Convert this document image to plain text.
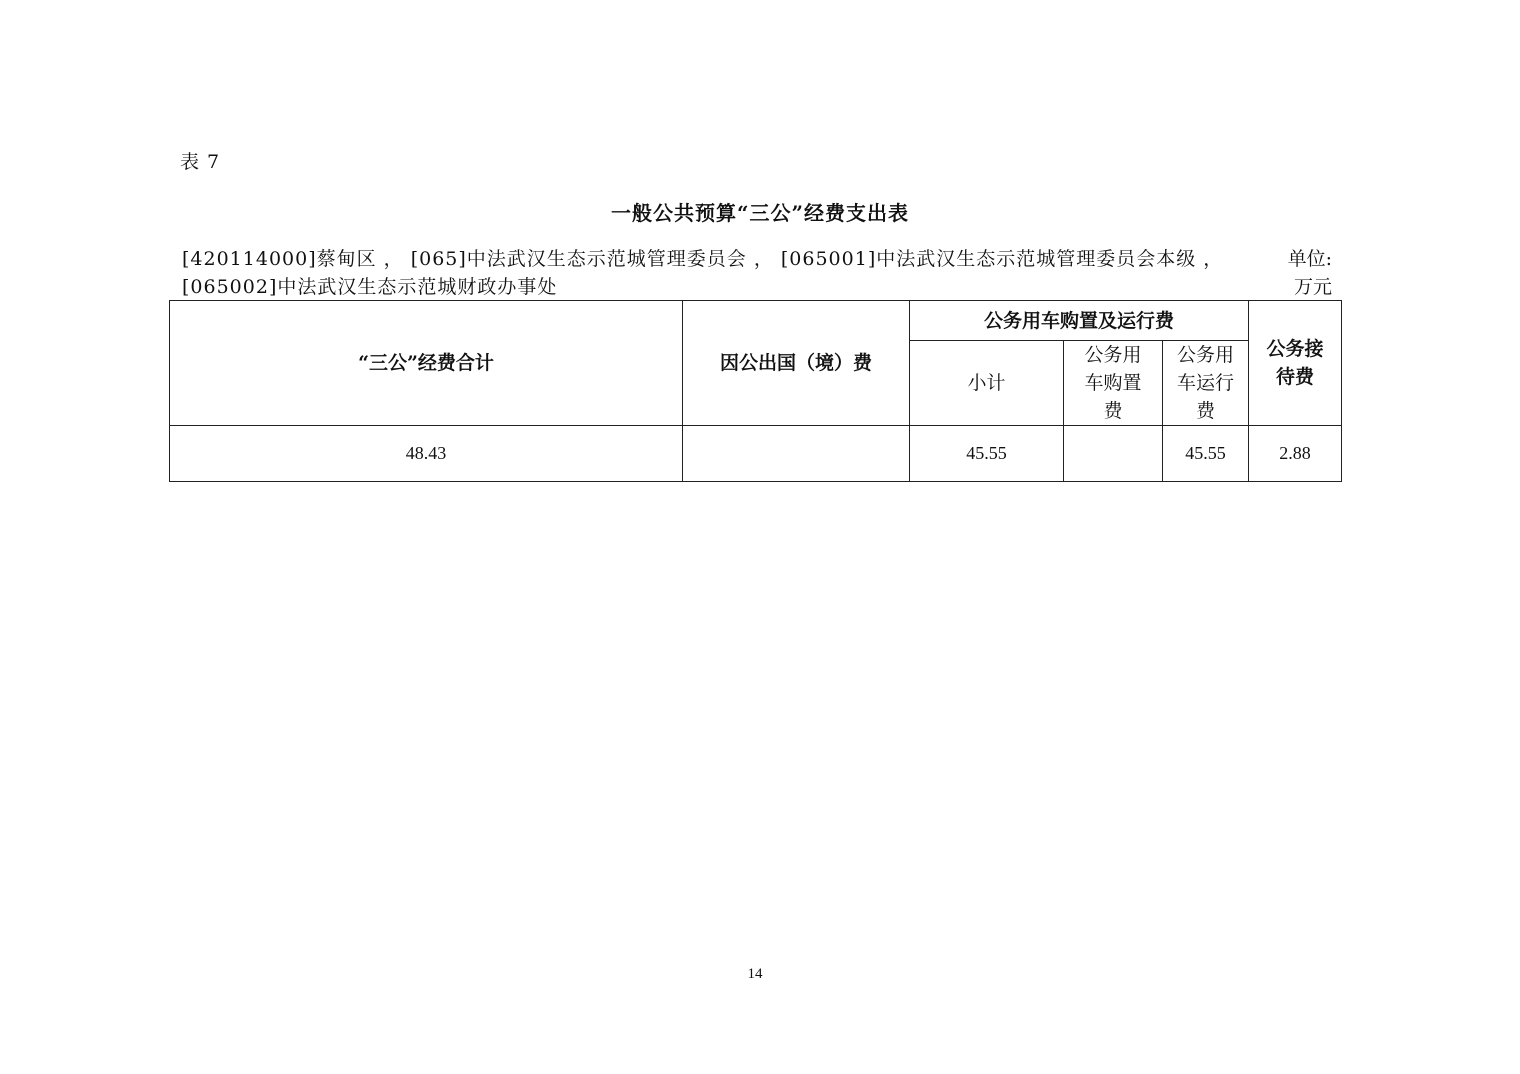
表 7
一般公共预算“三公”经费支出表
[420114000]蔡甸区 ， [065]中法武汉生态示范城管理委员会 ， [065001]中法武汉生态示范城管理委员会本级 ，
[065002]中法武汉生态示范城财政办事处
单位:
万元
“三公”经费合计	因公出国（境）费	公务用车购置及运行费			公务接待费

		小计	公务用车购置费	公务用车运行费	

48.43		45.55		45.55	2.88
14
